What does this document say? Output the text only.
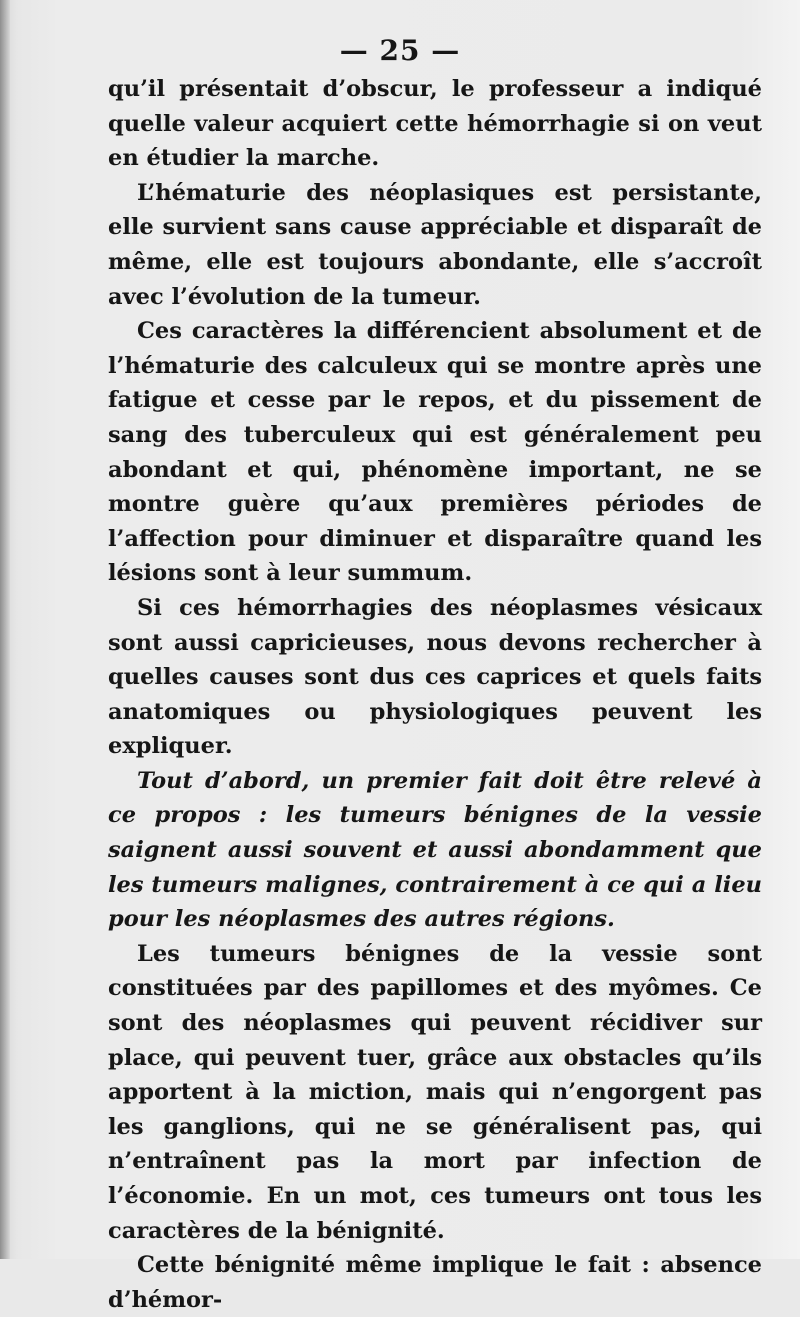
— 25 —

qu’il présentait d’obscur, le professeur a indiqué quelle valeur acquiert cette hémorrhagie si on veut en étudier la marche.

L’hématurie des néoplasiques est persistante, elle survient sans cause appréciable et disparaît de même, elle est toujours abondante, elle s’accroît avec l’évolution de la tumeur.

Ces caractères la différencient absolument et de l’hématurie des calculeux qui se montre après une fatigue et cesse par le repos, et du pissement de sang des tuberculeux qui est généralement peu abondant et qui, phénomène important, ne se montre guère qu’aux premières périodes de l’affection pour diminuer et disparaître quand les lésions sont à leur summum.

Si ces hémorrhagies des néoplasmes vésicaux sont aussi capricieuses, nous devons rechercher à quelles causes sont dus ces caprices et quels faits anatomiques ou physiologiques peuvent les expliquer.

Tout d’abord, un premier fait doit être relevé à ce propos : les tumeurs bénignes de la vessie saignent aussi souvent et aussi abondamment que les tumeurs malignes, contrairement à ce qui a lieu pour les néoplasmes des autres régions.

Les tumeurs bénignes de la vessie sont constituées par des papillomes et des myômes. Ce sont des néoplasmes qui peuvent récidiver sur place, qui peuvent tuer, grâce aux obstacles qu’ils apportent à la miction, mais qui n’engorgent pas les ganglions, qui ne se généralisent pas, qui n’entraînent pas la mort par infection de l’économie. En un mot, ces tumeurs ont tous les caractères de la bénignité.

Cette bénignité même implique le fait : absence d’hémor-
